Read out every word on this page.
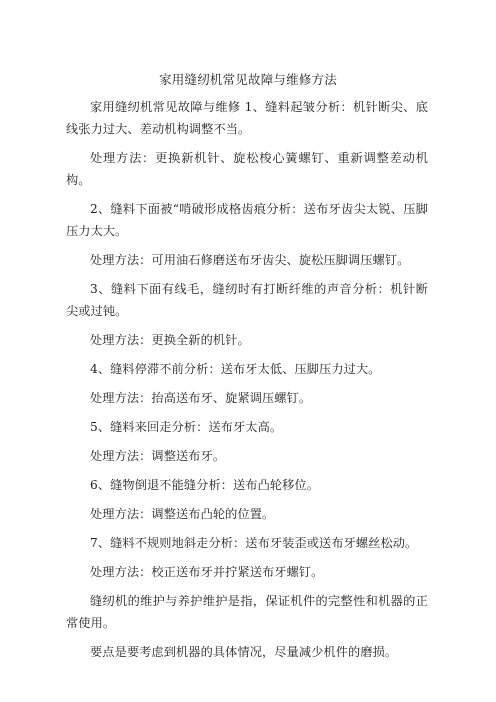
家用缝纫机常见故障与维修方法

家用缝纫机常见故障与维修 1、缝料起皱分析：机针断尖、底线张力过大、差动机构调整不当。

处理方法：更换新机针、旋松梭心簧螺钉、重新调整差动机构。

2、缝料下面被“啃破形成格齿痕分析：送布牙齿尖太锐、压脚压力太大。

处理方法：可用油石修磨送布牙齿尖、旋松压脚调压螺钉。

3、缝料下面有线毛，缝纫时有打断纤维的声音分析：机针断尖或过钝。

处理方法：更换全新的机针。

4、缝料停滞不前分析：送布牙太低、压脚压力过大。

处理方法：抬高送布牙、旋紧调压螺钉。

5、缝料来回走分析：送布牙太高。

处理方法：调整送布牙。

6、缝物倒退不能缝分析：送布凸轮移位。

处理方法：调整送布凸轮的位置。

7、缝料不规则地斜走分析：送布牙装歪或送布牙螺丝松动。

处理方法：校正送布牙并拧紧送布牙螺钉。

缝纫机的维护与养护维护是指，保证机件的完整性和机器的正常使用。

要点是要考虑到机器的具体情况，尽量减少机件的磨损。
